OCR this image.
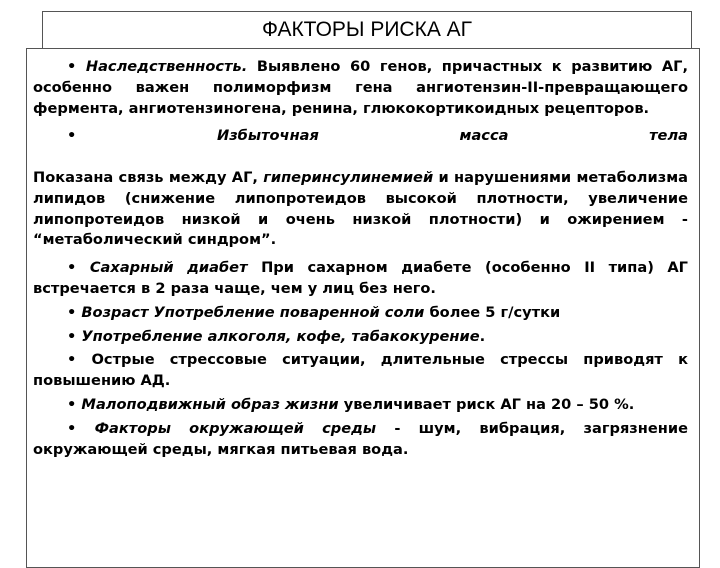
ФАКТОРЫ РИСКА АГ

• Наследственность. Выявлено 60 генов, причастных к развитию АГ, особенно важен полиморфизм гена ангиотензин-II-превращающего фермента, ангиотензиногена, ренина, глюкокортикоидных рецепторов.

•	Избыточная масса тела

Показана связь между АГ, гиперинсулинемией и нарушениями метаболизма липидов (снижение липопротеидов высокой плотности, увеличение липопротеидов низкой и очень низкой плотности) и ожирением - “метаболический синдром”.

• Сахарный диабет При сахарном диабете (особенно II типа) АГ встречается в 2 раза чаще, чем у лиц без него.

• Возраст Употребление поваренной соли более 5 г/сутки

• Употребление алкоголя, кофе, табакокурение.

• Острые стрессовые ситуации, длительные стрессы приводят к повышению АД.

• Малоподвижный образ жизни увеличивает риск АГ на 20 – 50 %.

• Факторы окружающей среды - шум, вибрация, загрязнение окружающей среды, мягкая питьевая вода.
